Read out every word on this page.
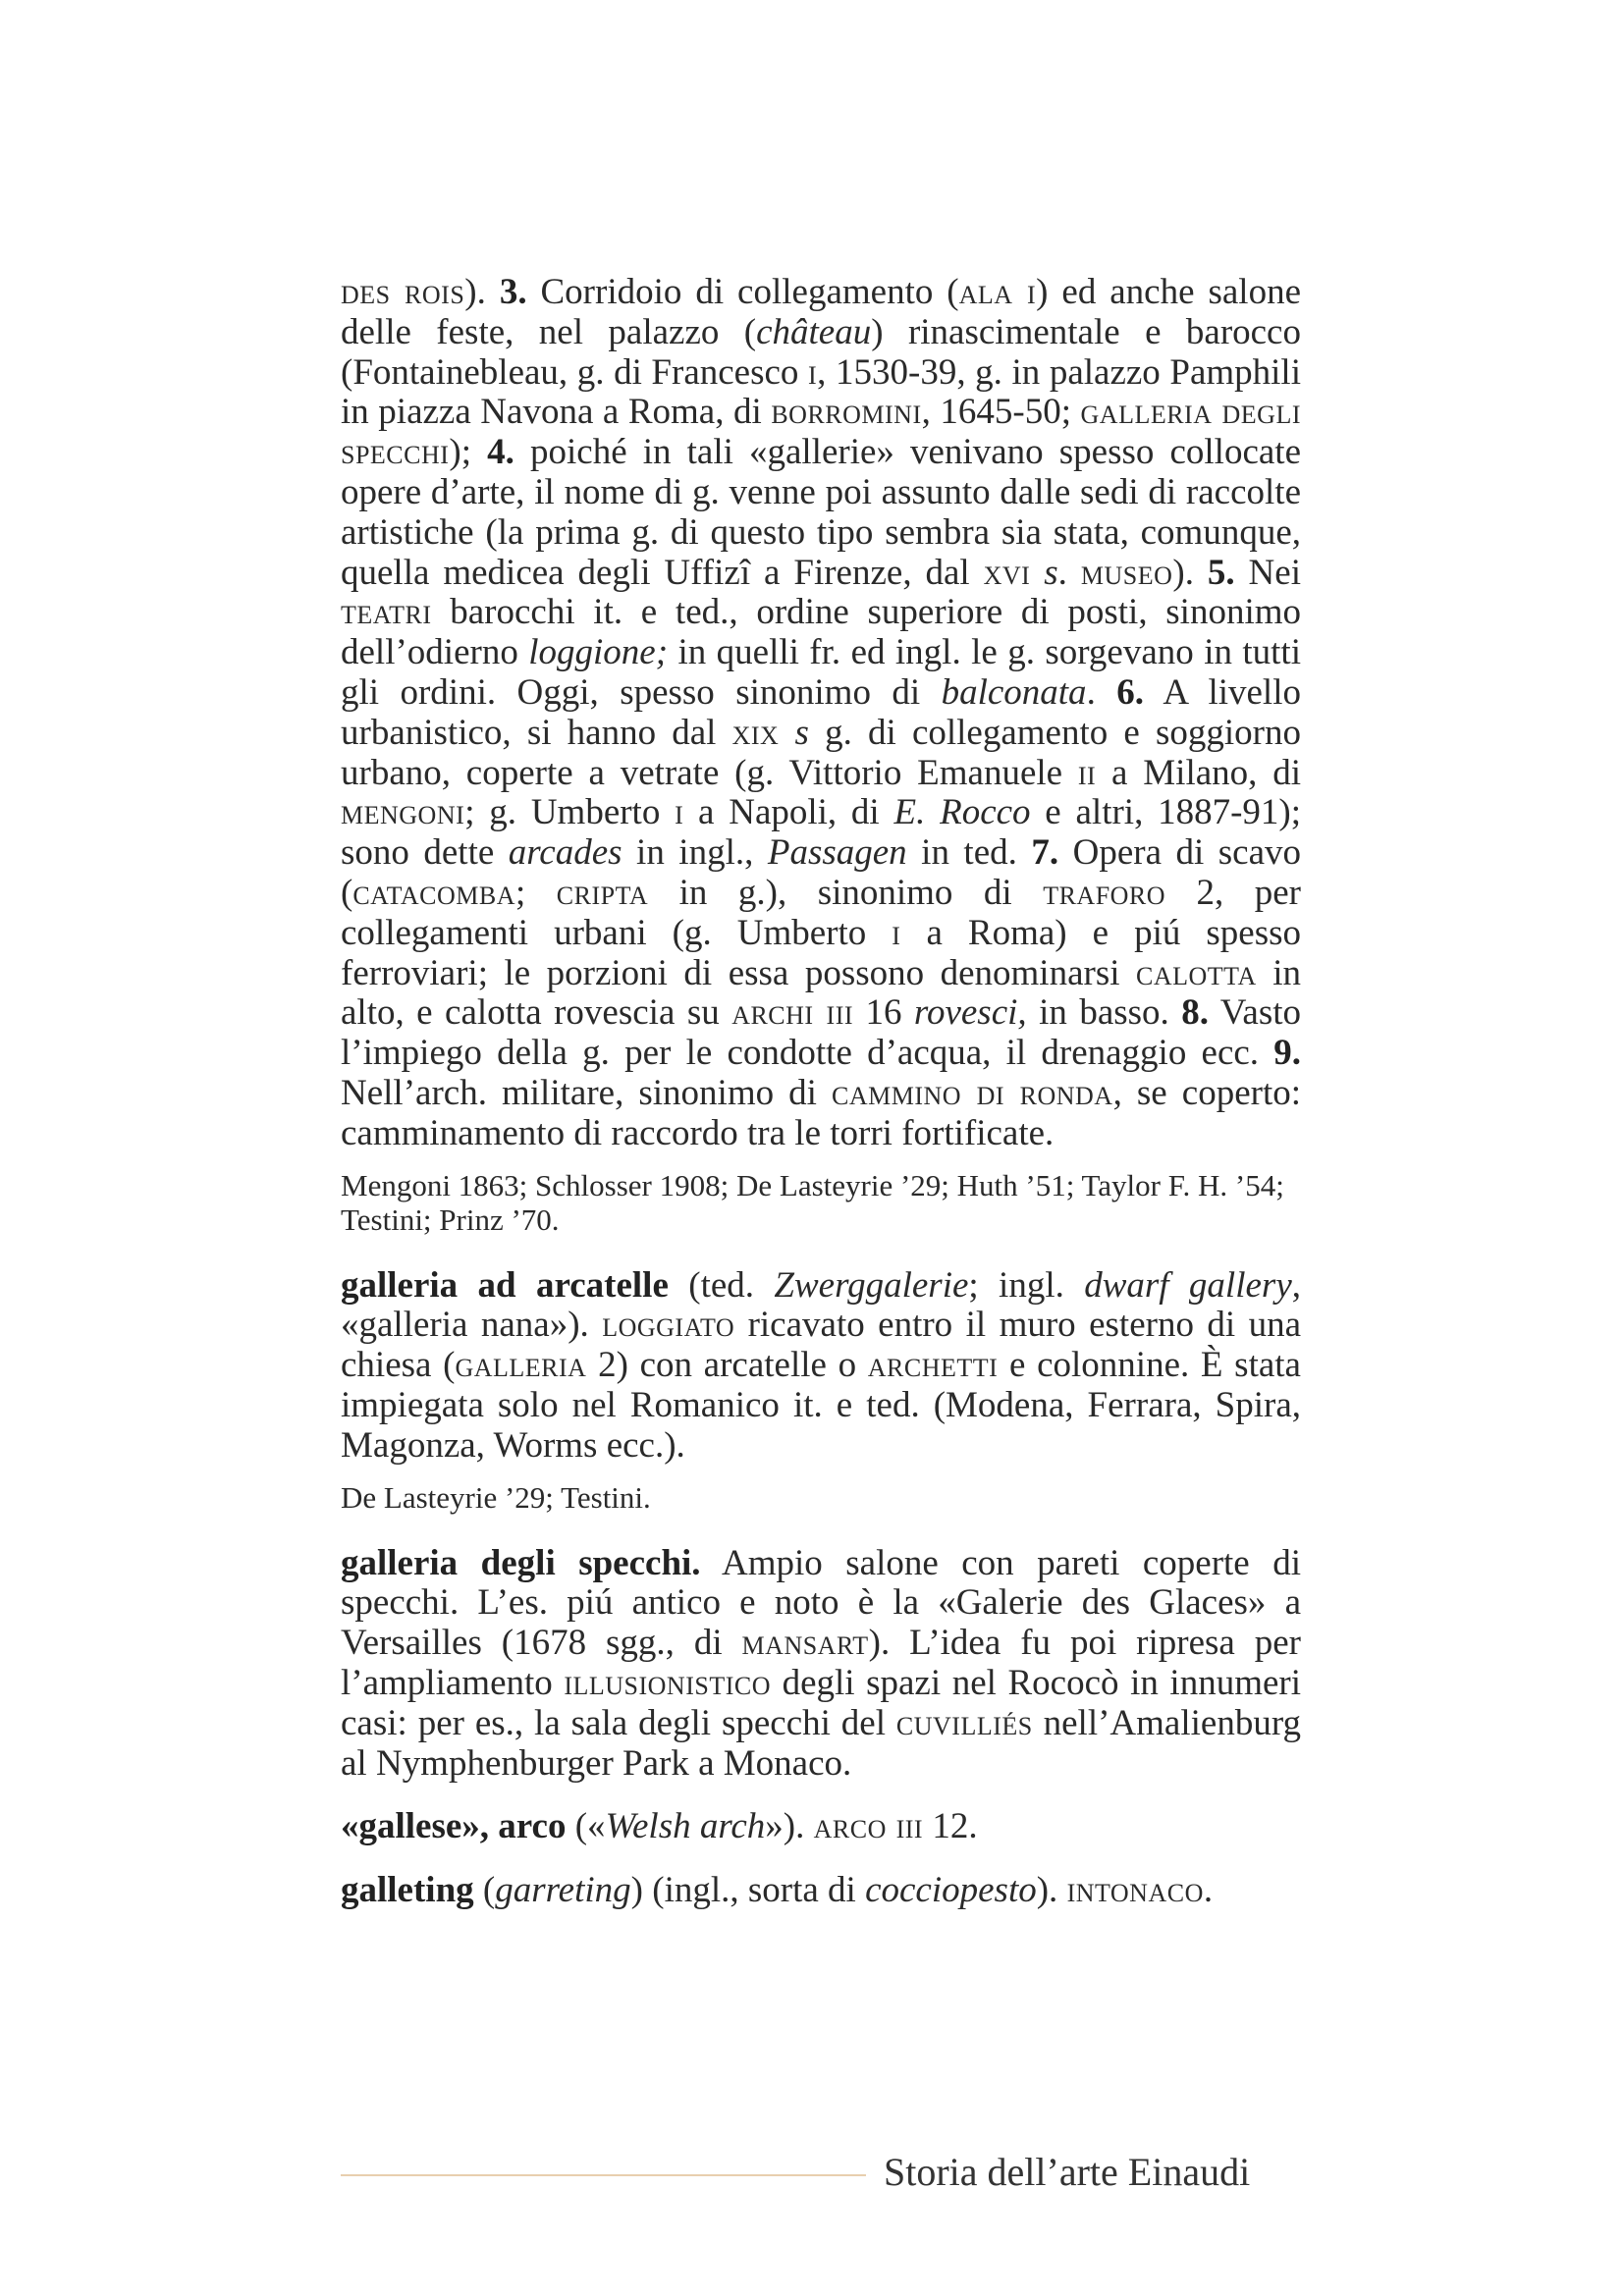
des rois). 3. Corridoio di collegamento (ala i) ed anche salone delle feste, nel palazzo (château) rinascimentale e barocco (Fontainebleau, g. di Francesco i, 1530-39, g. in palazzo Pamphili in piazza Navona a Roma, di borromini, 1645-50; galleria degli specchi); 4. poiché in tali «gallerie» venivano spesso collocate opere d’arte, il nome di g. venne poi assunto dalle sedi di raccolte artistiche (la prima g. di questo tipo sembra sia stata, comunque, quella medicea degli Uffizî a Firenze, dal xvi s. museo). 5. Nei teatri barocchi it. e ted., ordine superiore di posti, sinonimo dell’odierno loggione; in quelli fr. ed ingl. le g. sorgevano in tutti gli ordini. Oggi, spesso sinonimo di balconata. 6. A livello urbanistico, si hanno dal xix s g. di collegamento e soggiorno urbano, coperte a vetrate (g. Vittorio Emanuele ii a Milano, di mengoni; g. Umberto i a Napoli, di E. Rocco e altri, 1887-91); sono dette arcades in ingl., Passagen in ted. 7. Opera di scavo (catacomba; cripta in g.), sinonimo di traforo 2, per collegamenti urbani (g. Umberto i a Roma) e piú spesso ferroviari; le porzioni di essa possono denominarsi calotta in alto, e calotta rovescia su archi iii 16 rovesci, in basso. 8. Vasto l’impiego della g. per le condotte d’acqua, il drenaggio ecc. 9. Nell’arch. militare, sinonimo di cammino di ronda, se coperto: camminamento di raccordo tra le torri fortificate.

Mengoni 1863; Schlosser 1908; De Lasteyrie ’29; Huth ’51; Taylor F. H. ’54; Testini; Prinz ’70.

galleria ad arcatelle (ted. Zwerggalerie; ingl. dwarf gallery, «galleria nana»). loggiato ricavato entro il muro esterno di una chiesa (galleria 2) con arcatelle o archetti e colonnine. È stata impiegata solo nel Romanico it. e ted. (Modena, Ferrara, Spira, Magonza, Worms ecc.).

De Lasteyrie ’29; Testini.

galleria degli specchi. Ampio salone con pareti coperte di specchi. L’es. piú antico e noto è la «Galerie des Glaces» a Versailles (1678 sgg., di mansart). L’idea fu poi ripresa per l’ampliamento illusionistico degli spazi nel Rococò in innumeri casi: per es., la sala degli specchi del cuvilliés nell’Amalienburg al Nymphenburger Park a Monaco.

«gallese», arco («Welsh arch»). arco iii 12.

galleting (garreting) (ingl., sorta di cocciopesto). intonaco.

Storia dell’arte Einaudi
